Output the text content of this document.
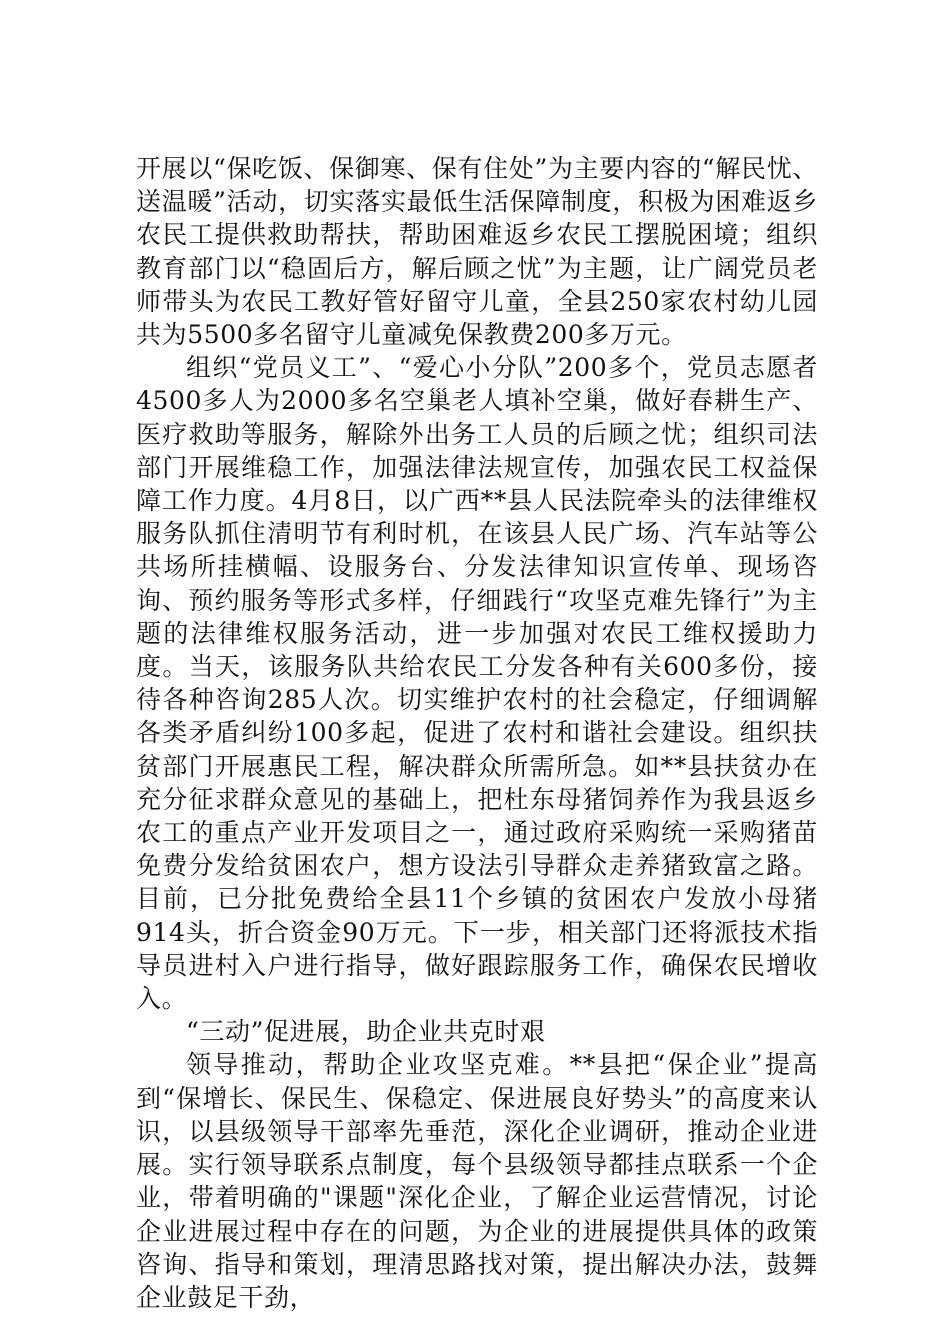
开展以“保吃饭、保御寒、保有住处”为主要内容的“解民忧、送温暖”活动，切实落实最低生活保障制度，积极为困难返乡农民工提供救助帮扶，帮助困难返乡农民工摆脱困境；组织教育部门以“稳固后方，解后顾之忧”为主题，让广阔党员老师带头为农民工教好管好留守儿童，全县250家农村幼儿园共为5500多名留守儿童减免保教费200多万元。

组织“党员义工”、“爱心小分队”200多个，党员志愿者4500多人为2000多名空巢老人填补空巢，做好春耕生产、医疗救助等服务，解除外出务工人员的后顾之忧；组织司法部门开展维稳工作，加强法律法规宣传，加强农民工权益保障工作力度。4月8日，以广西**县人民法院牵头的法律维权服务队抓住清明节有利时机，在该县人民广场、汽车站等公共场所挂横幅、设服务台、分发法律知识宣传单、现场咨询、预约服务等形式多样，仔细践行“攻坚克难先锋行”为主题的法律维权服务活动，进一步加强对农民工维权援助力度。当天，该服务队共给农民工分发各种有关600多份，接待各种咨询285人次。切实维护农村的社会稳定，仔细调解各类矛盾纠纷100多起，促进了农村和谐社会建设。组织扶贫部门开展惠民工程，解决群众所需所急。如**县扶贫办在充分征求群众意见的基础上，把杜东母猪饲养作为我县返乡农工的重点产业开发项目之一，通过政府采购统一采购猪苗免费分发给贫困农户，想方设法引导群众走养猪致富之路。目前，已分批免费给全县11个乡镇的贫困农户发放小母猪914头，折合资金90万元。下一步，相关部门还将派技术指导员进村入户进行指导，做好跟踪服务工作，确保农民增收入。

“三动”促进展，助企业共克时艰

领导推动，帮助企业攻坚克难。**县把“保企业”提高到“保增长、保民生、保稳定、保进展良好势头”的高度来认识，以县级领导干部率先垂范，深化企业调研，推动企业进展。实行领导联系点制度，每个县级领导都挂点联系一个企业，带着明确的"课题"深化企业，了解企业运营情况，讨论企业进展过程中存在的问题，为企业的进展提供具体的政策咨询、指导和策划，理清思路找对策，提出解决办法，鼓舞企业鼓足干劲，
